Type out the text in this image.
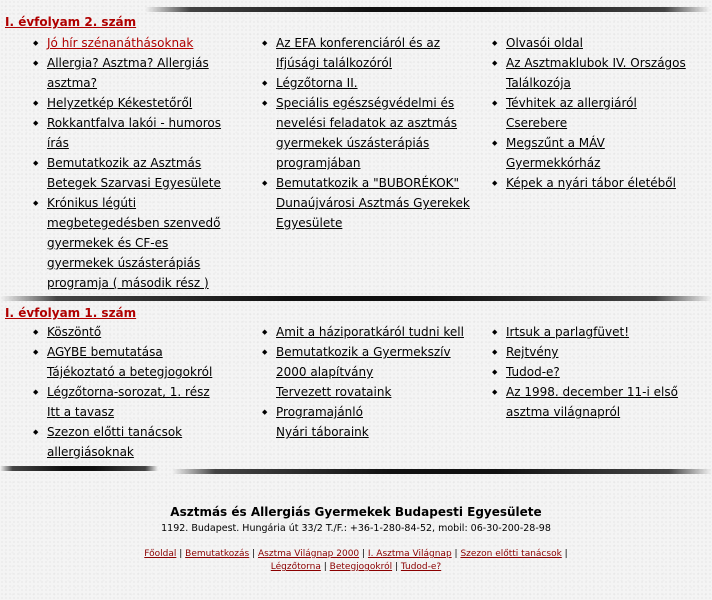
I. évfolyam 2. szám
◆ Jó hír szénanáthásoknak
◆ Allergia? Asztma? Allergiás asztma?
◆ Helyzetkép Kékestetőről
◆ Rokkantfalva lakói - humoros írás
◆ Bemutatkozik az Asztmás Betegek Szarvasi Egyesülete
◆ Krónikus légúti megbetegedésben szenvedő gyermekek és CF-es gyermekek úszásterápiás programja ( második rész )
◆ Az EFA konferenciáról és az Ifjúsági találkozóról
◆ Légzőtorna II.
◆ Speciális egészségvédelmi és nevelési feladatok az asztmás gyermekek úszásterápiás programjában
◆ Bemutatkozik a "BUBORÉKOK" Dunaújvárosi Asztmás Gyerekek Egyesülete
◆ Olvasói oldal
◆ Az Asztmaklubok IV. Országos Találkozója
◆ Tévhitek az allergiáról Cserebere
◆ Megszűnt a MÁV Gyermekkórház
◆ Képek a nyári tábor életéből
I. évfolyam 1. szám
◆ Köszöntő
◆ AGYBE bemutatása
Tájékoztató a betegjogokról
◆ Légzőtorna-sorozat, 1. rész
Itt a tavasz
◆ Szezon előtti tanácsok allergiásoknak
◆ Amit a háziporatkáról tudni kell
◆ Bemutatkozik a Gyermekszív 2000 alapítvány
Tervezett rovataink
◆ Programajánló
Nyári táboraink
◆ Irtsuk a parlagfüvet!
◆ Rejtvény
◆ Tudod-e?
◆ Az 1998. december 11-i első asztma világnapról
Asztmás és Allergiás Gyermekek Budapesti Egyesülete
1192. Budapest. Hungária út 33/2 T./F.: +36-1-280-84-52, mobil: 06-30-200-28-98
Főoldal | Bemutatkozás | Asztma Világnap 2000 | I. Asztma Világnap | Szezon előtti tanácsok |
Légzőtorna | Betegjogokról | Tudod-e?
